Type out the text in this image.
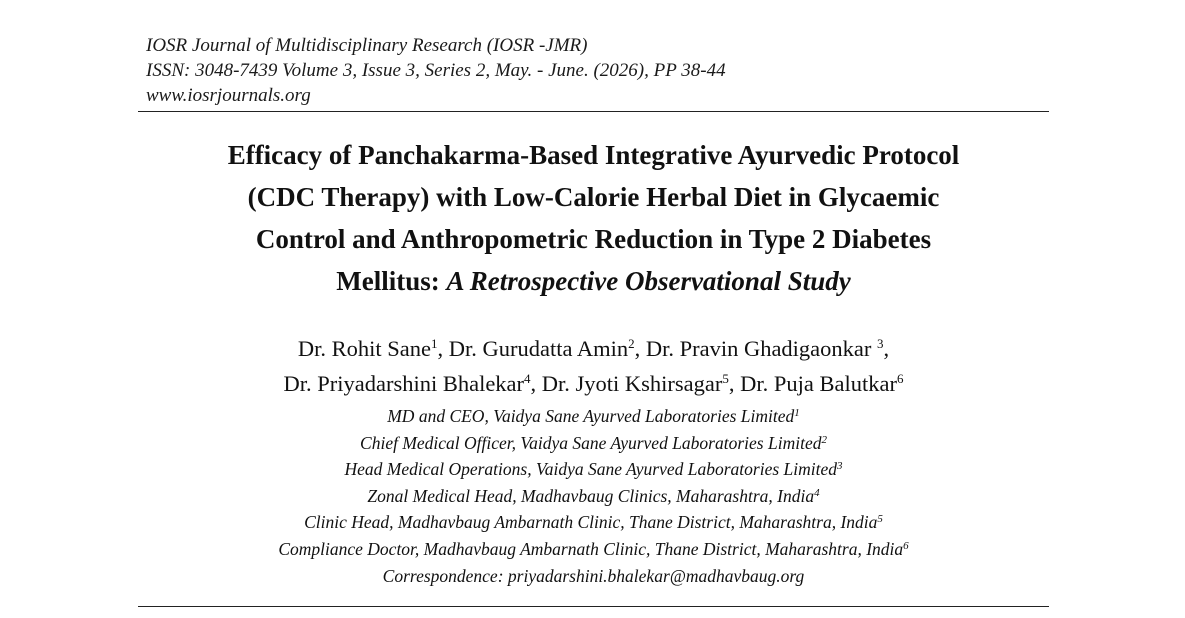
IOSR Journal of Multidisciplinary Research (IOSR -JMR)
ISSN: 3048-7439 Volume 3, Issue 3, Series 2, May. - June. (2026), PP 38-44
www.iosrjournals.org
Efficacy of Panchakarma-Based Integrative Ayurvedic Protocol
(CDC Therapy) with Low-Calorie Herbal Diet in Glycaemic
Control and Anthropometric Reduction in Type 2 Diabetes
Mellitus: A Retrospective Observational Study
Dr. Rohit Sane$^1$, Dr. Gurudatta Amin$^2$, Dr. Pravin Ghadigaonkar $^3$,
Dr. Priyadarshini Bhalekar$^4$, Dr. Jyoti Kshirsagar$^5$, Dr. Puja Balutkar$^6$
MD and CEO, Vaidya Sane Ayurved Laboratories Limited$^1$
Chief Medical Officer, Vaidya Sane Ayurved Laboratories Limited$^2$
Head Medical Operations, Vaidya Sane Ayurved Laboratories Limited$^3$
Zonal Medical Head, Madhavbaug Clinics, Maharashtra, India$^4$
Clinic Head, Madhavbaug Ambarnath Clinic, Thane District, Maharashtra, India$^5$
Compliance Doctor, Madhavbaug Ambarnath Clinic, Thane District, Maharashtra, India$^6$
Correspondence: priyadarshini.bhalekar@madhavbaug.org
